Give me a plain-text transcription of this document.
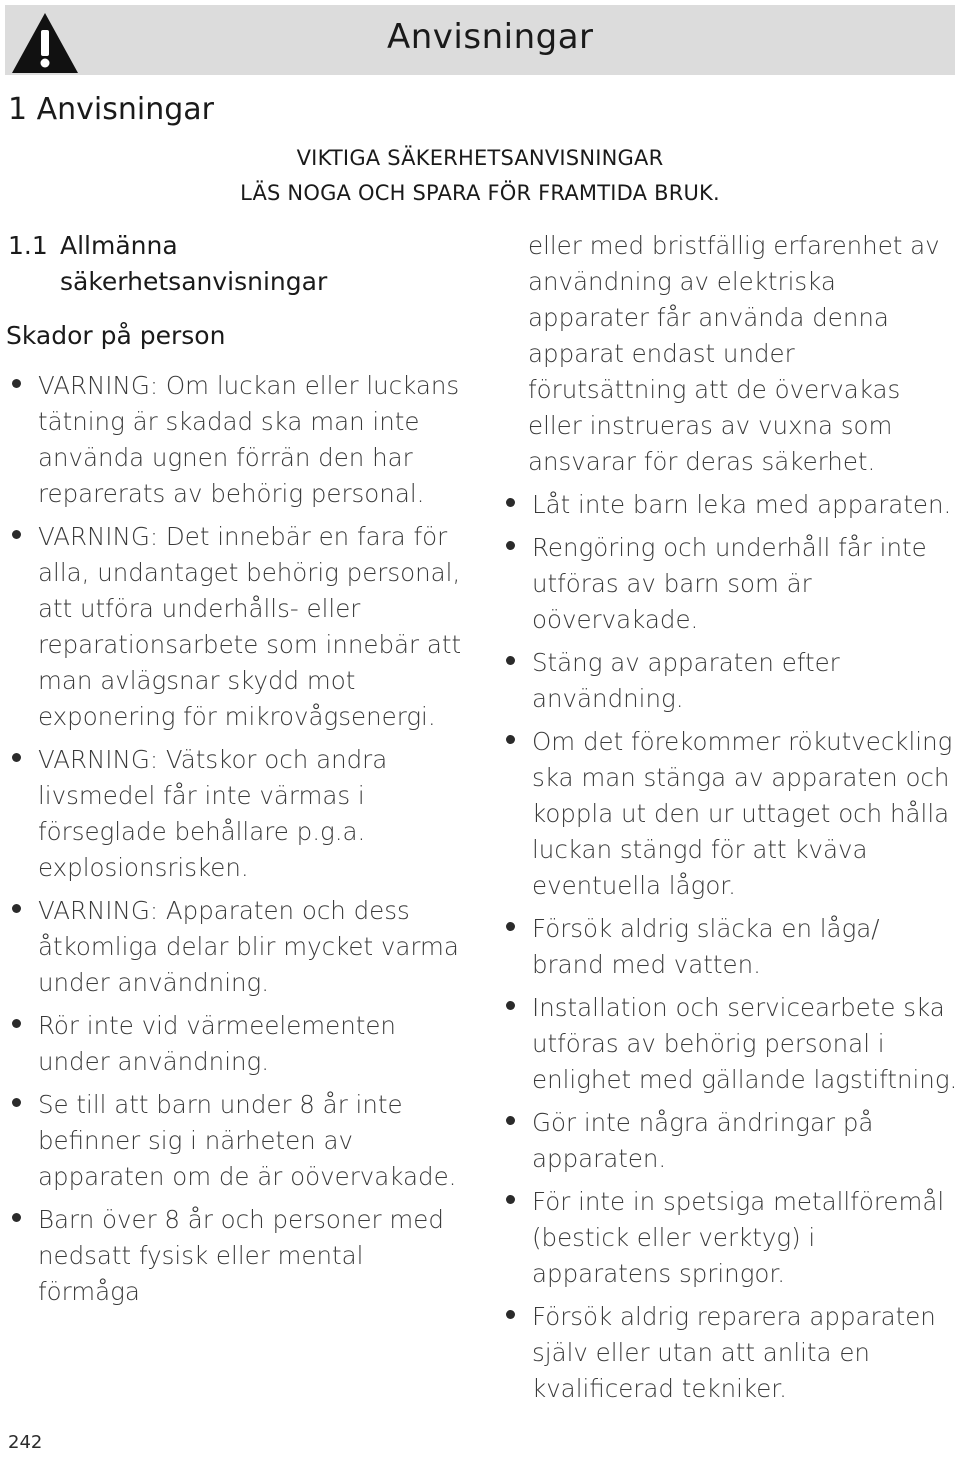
Anvisningar
1 Anvisningar
VIKTIGA SÄKERHETSANVISNINGAR
LÄS NOGA OCH SPARA FÖR FRAMTIDA BRUK.
1.1 Allmänna
säkerhetsanvisningar
Skador på person
VARNING: Om luckan eller luckans tätning är skadad ska man inte använda ugnen förrän den har reparerats av behörig personal.
VARNING: Det innebär en fara för alla, undantaget behörig personal, att utföra underhålls- eller reparationsarbete som innebär att man avlägsnar skydd mot exponering för mikrovågsenergi.
VARNING: Vätskor och andra livsmedel får inte värmas i förseglade behållare p.g.a. explosionsrisken.
VARNING: Apparaten och dess åtkomliga delar blir mycket varma under användning.
Rör inte vid värmeelementen under användning.
Se till att barn under 8 år inte befinner sig i närheten av apparaten om de är oövervakade.
Barn över 8 år och personer med nedsatt fysisk eller mental förmåga
eller med bristfällig erfarenhet av användning av elektriska apparater får använda denna apparat endast under förutsättning att de övervakas eller instrueras av vuxna som ansvarar för deras säkerhet.
Låt inte barn leka med apparaten.
Rengöring och underhåll får inte utföras av barn som är oövervakade.
Stäng av apparaten efter användning.
Om det förekommer rökutveckling ska man stänga av apparaten och koppla ut den ur uttaget och hålla luckan stängd för att kväva eventuella lågor.
Försök aldrig släcka en låga/ brand med vatten.
Installation och servicearbete ska utföras av behörig personal i enlighet med gällande lagstiftning.
Gör inte några ändringar på apparaten.
För inte in spetsiga metallföremål (bestick eller verktyg) i apparatens springor.
Försök aldrig reparera apparaten själv eller utan att anlita en kvalificerad tekniker.
242
